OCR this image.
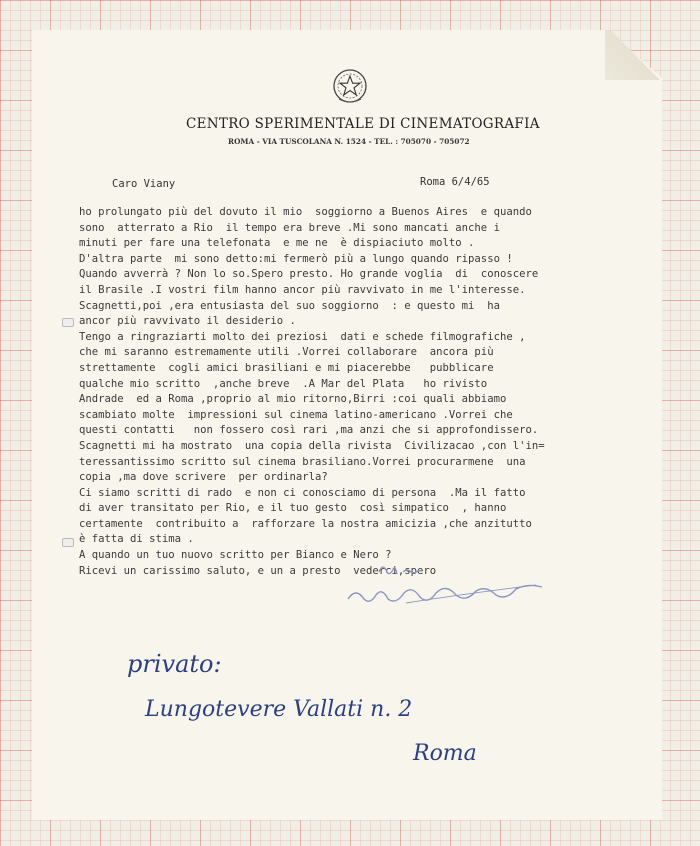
CENTRO SPERIMENTALE DI CINEMATOGRAFIA
ROMA - VIA TUSCOLANA N. 1524 - TEL. : 705070 - 705072
Caro Viany	Roma 6/4/65
ho prolungato più del dovuto il mio  soggiorno a Buenos Aires  e quando
sono  atterrato a Rio  il tempo era breve .Mi sono mancati anche i
minuti per fare una telefonata  e me ne  è dispiaciuto molto .
D'altra parte  mi sono detto:mi fermerò più a lungo quando ripasso !
Quando avverrà ? Non lo so.Spero presto. Ho grande voglia  di  conoscere
il Brasile .I vostri film hanno ancor più ravvivato in me l'interesse.
Scagnetti,poi ,era entusiasta del suo soggiorno  : e questo mi  ha
ancor più ravvivato il desiderio .
Tengo a ringraziarti molto dei preziosi  dati e schede filmografiche ,
che mi saranno estremamente utili .Vorrei collaborare  ancora più
strettamente  cogli amici brasiliani e mi piacerebbe   pubblicare
qualche mio scritto  ,anche breve  .A Mar del Plata   ho rivisto
Andrade  ed a Roma ,proprio al mio ritorno,Birri :coi quali abbiamo
scambiato molte  impressioni sul cinema latino-americano .Vorrei che
questi contatti   non fossero così rari ,ma anzi che si approfondissero.
Scagnetti mi ha mostrato  una copia della rivista  Civilizacao ,con l'in=
teressantissimo scritto sul cinema brasiliano.Vorrei procurarmene  una
copia ,ma dove scrivere  per ordinarla?
Ci siamo scritti di rado  e non ci conosciamo di persona  .Ma il fatto
di aver transitato per Rio, e il tuo gesto  così simpatico  , hanno
certamente  contribuito a  rafforzare la nostra amicizia ,che anzitutto
è fatta di stima .
A quando un tuo nuovo scritto per Bianco e Nero ?
Ricevi un carissimo saluto, e un a presto  vederci,spero
privato:
Lungotevere Vallati n. 2
Roma
